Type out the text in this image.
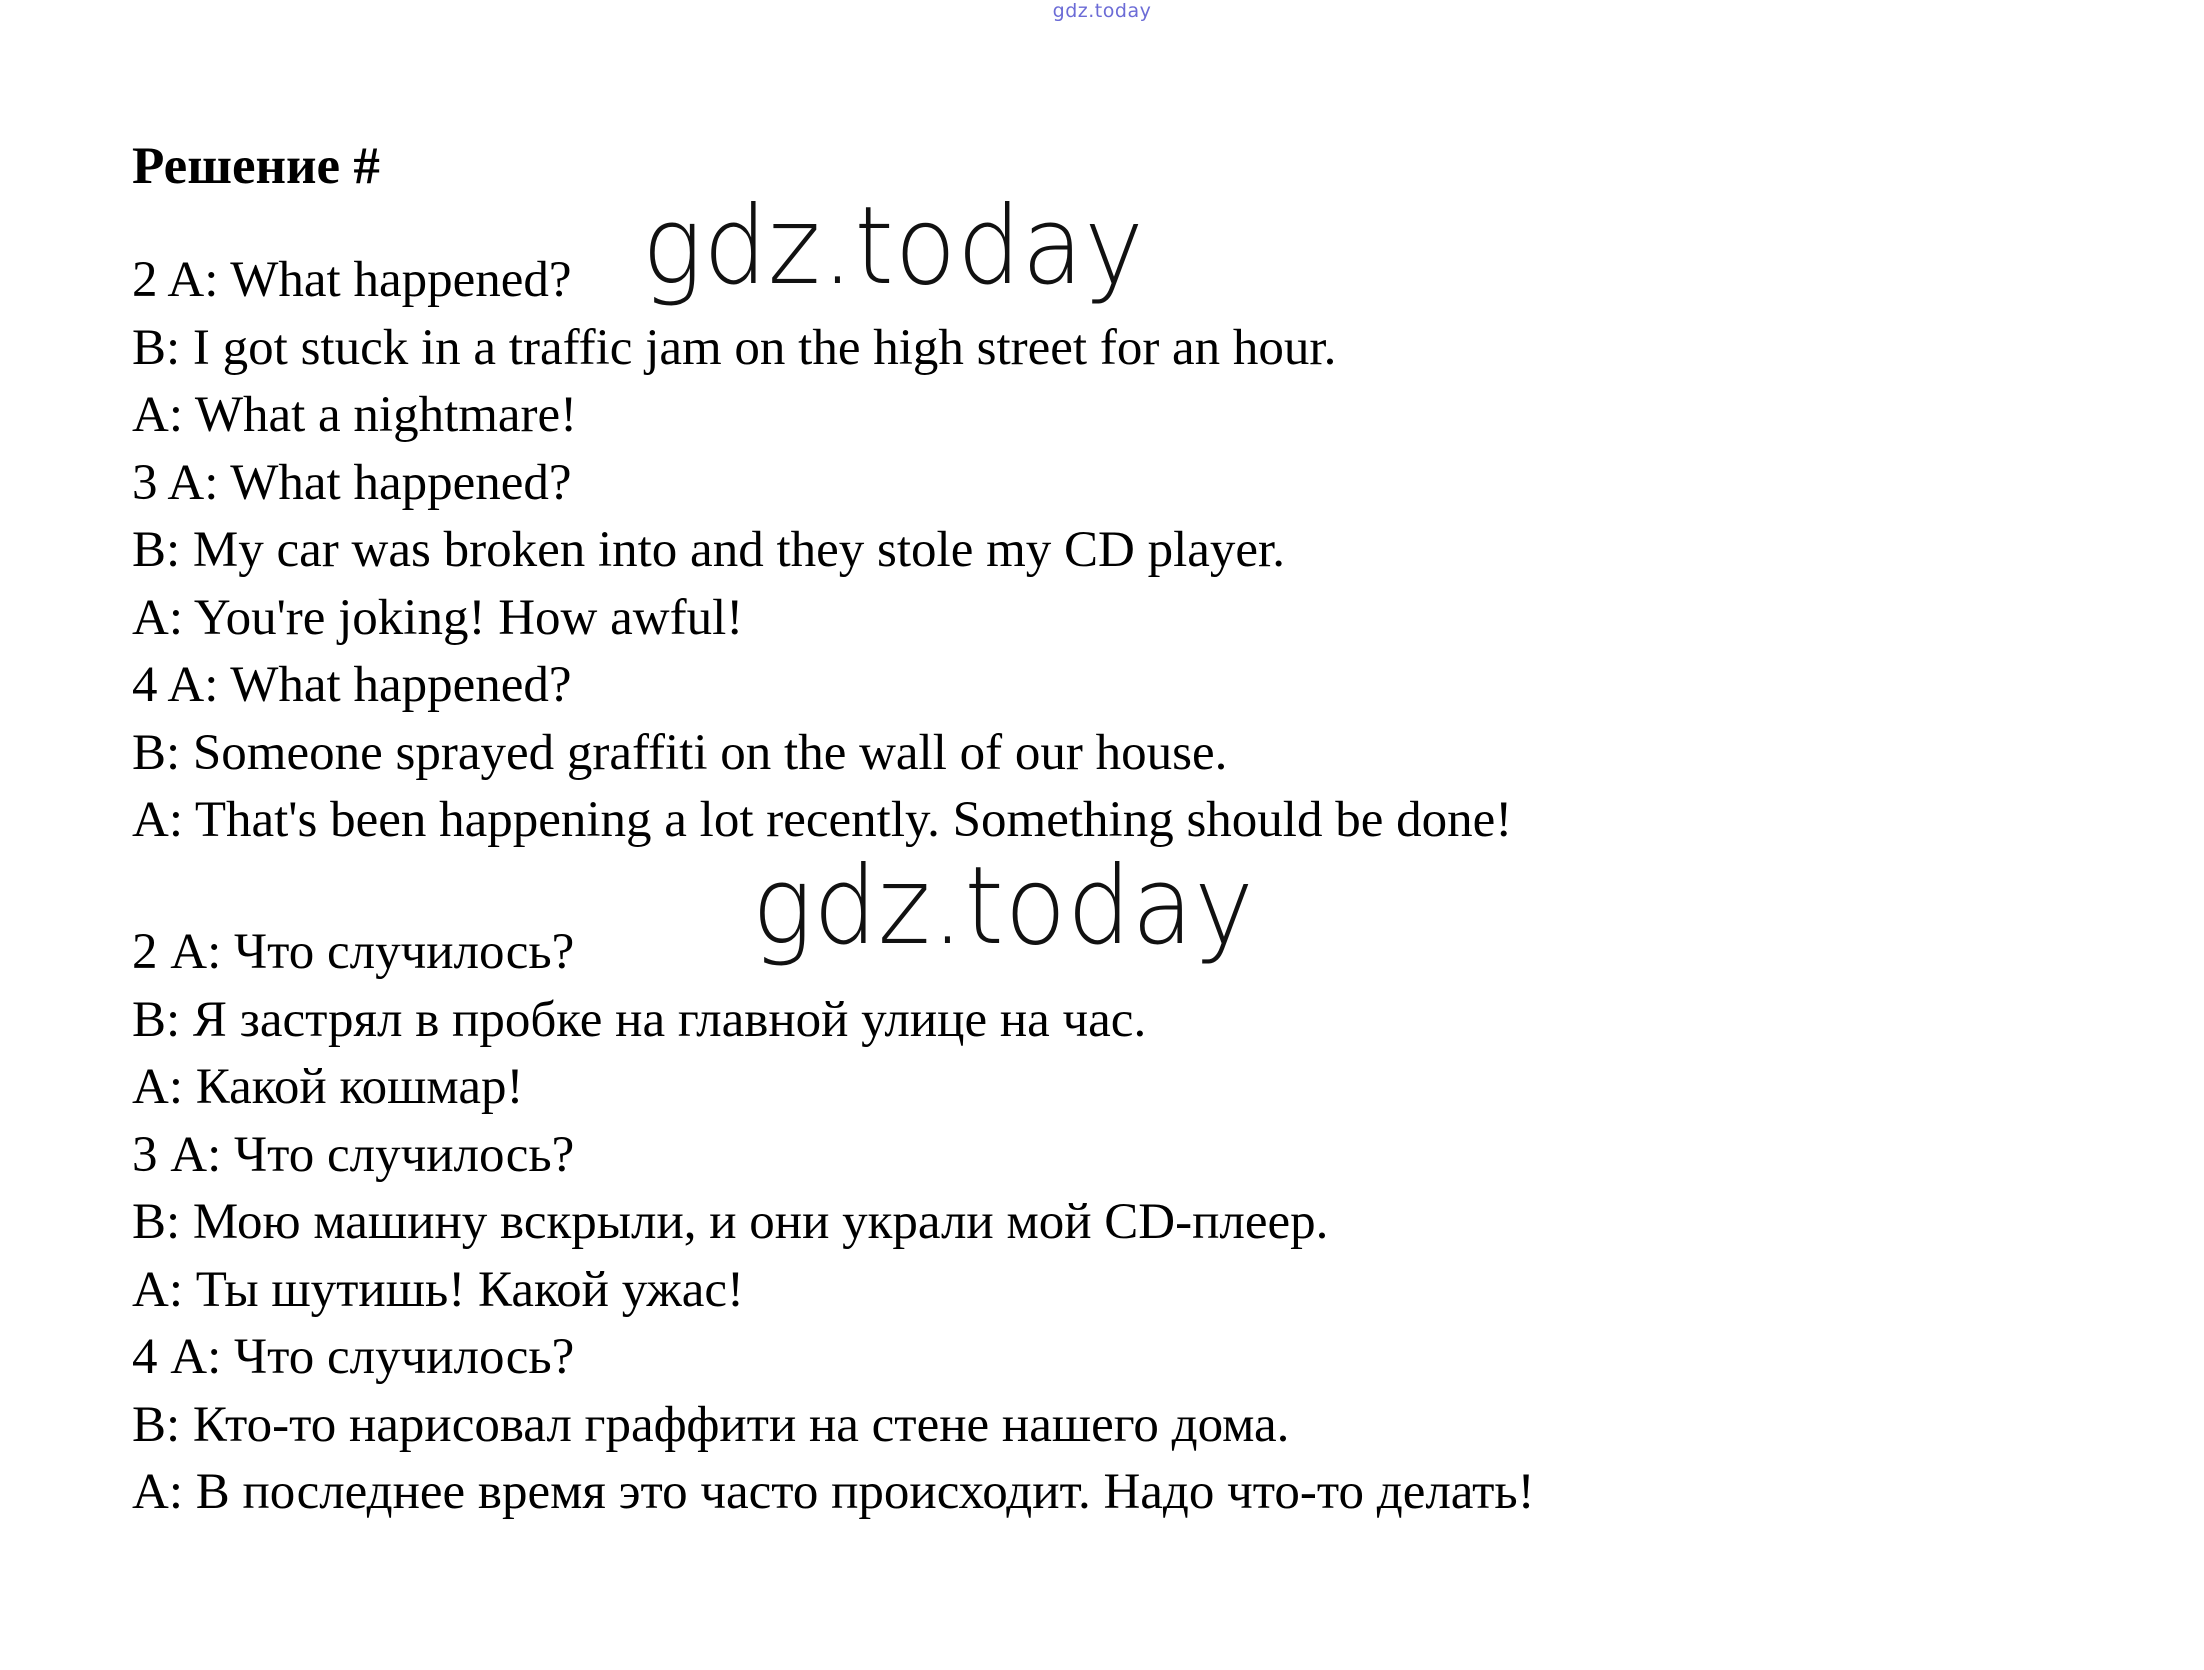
gdz.today
Решение #
2 A: What happened?
B: I got stuck in a traffic jam on the high street for an hour.
A: What a nightmare!
3 A: What happened?
B: My car was broken into and they stole my CD player.
A: You're joking! How awful!
4 A: What happened?
B: Someone sprayed graffiti on the wall of our house.
A: That's been happening a lot recently. Something should be done!
2 А: Что случилось?
В: Я застрял в пробке на главной улице на час.
А: Какой кошмар!
3 А: Что случилось?
В: Мою машину вскрыли, и они украли мой CD-плеер.
А: Ты шутишь! Какой ужас!
4 А: Что случилось?
В: Кто-то нарисовал граффити на стене нашего дома.
А: В последнее время это часто происходит. Надо что-то делать!
gdz.today
gdz.today
